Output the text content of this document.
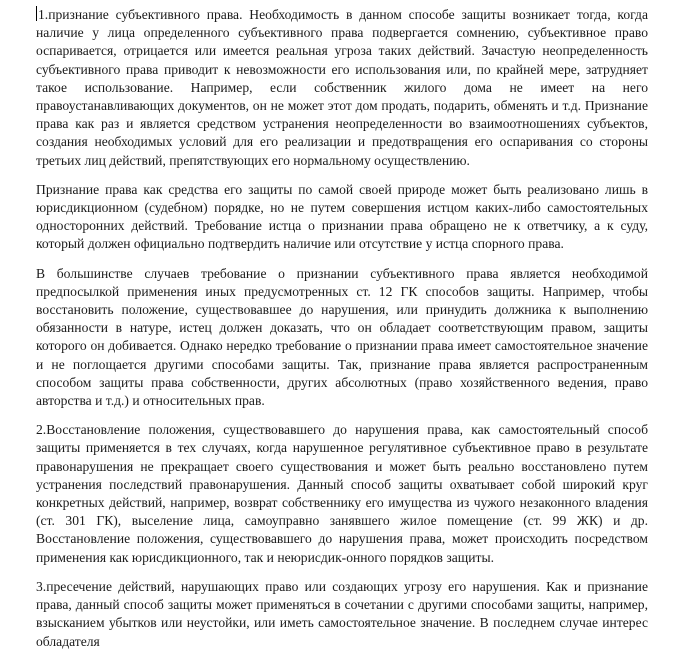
1.признание субъективного права. Необходимость в данном способе защиты возникает тогда, когда наличие у лица определенного субъективного права подвергается сомнению, субъективное право оспаривается, отрицается или имеется реальная угроза таких действий. Зачастую неопределенность субъективного права приводит к невозможности его использования или, по крайней мере, затрудняет такое использование. Например, если собственник жилого дома не имеет на него правоустанавливающих документов, он не может этот дом продать, подарить, обменять и т.д. Признание права как раз и является средством устранения неопределенности во взаимоотношениях субъектов, создания необходимых условий для его реализации и предотвращения его оспаривания со стороны третьих лиц действий, препятствующих его нормальному осуществлению.

Признание права как средства его защиты по самой своей природе может быть реализовано лишь в юрисдикционном (судебном) порядке, но не путем совершения истцом каких-либо самостоятельных односторонних действий. Требование истца о признании права обращено не к ответчику, а к суду, который должен официально подтвердить наличие или отсутствие у истца спорного права.

В большинстве случаев требование о признании субъективного права является необходимой предпосылкой применения иных предусмотренных ст. 12 ГК способов защиты. Например, чтобы восстановить положение, существовавшее до нарушения, или принудить должника к выполнению обязанности в натуре, истец должен доказать, что он обладает соответствующим правом, защиты которого он добивается. Однако нередко требование о признании права имеет самостоятельное значение и не поглощается другими способами защиты. Так, признание права является распространенным способом защиты права собственности, других абсолютных (право хозяйственного ведения, право авторства и т.д.) и относительных прав.

2.Восстановление положения, существовавшего до нарушения права, как самостоятельный способ защиты применяется в тех случаях, когда нарушенное регулятивное субъективное право в результате правонарушения не прекращает своего существования и может быть реально восстановлено путем устранения последствий правонарушения. Данный способ защиты охватывает собой широкий круг конкретных действий, например, возврат собственнику его имущества из чужого незаконного владения (ст. 301 ГК), выселение лица, самоуправно занявшего жилое помещение (ст. 99 ЖК) и др. Восстановление положения, существовавшего до нарушения права, может происходить посредством применения как юрисдикционного, так и неюрисдик-онного порядков защиты.

3.пресечение действий, нарушающих право или создающих угрозу его нарушения. Как и признание права, данный способ защиты может применяться в сочетании с другими способами защиты, например, взысканием убытков или неустойки, или иметь самостоятельное значение. В последнем случае интерес обладателя
